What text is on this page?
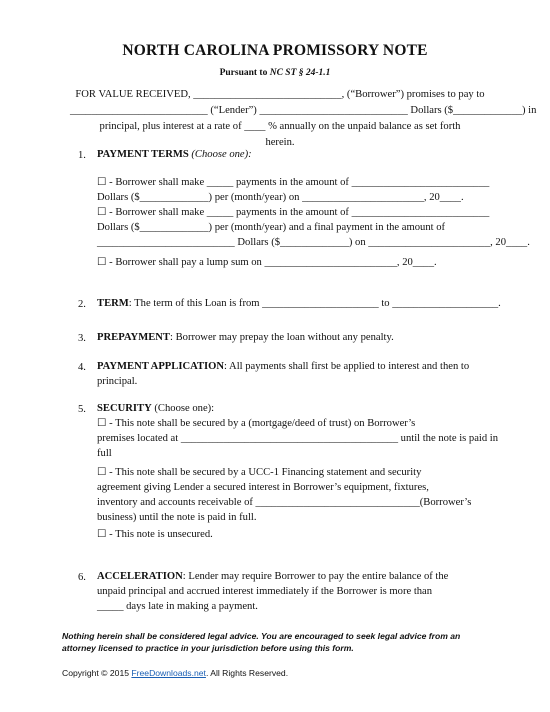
NORTH CAROLINA PROMISSORY NOTE
Pursuant to NC ST § 24-1.1
FOR VALUE RECEIVED, ____________________________, (“Borrower”) promises to pay to
__________________________ (“Lender”) ____________________________ Dollars ($_____________) in
principal, plus interest at a rate of ____ % annually on the unpaid balance as set forth
herein.
1. PAYMENT TERMS (Choose one):
☐ - Borrower shall make _____ payments in the amount of __________________________
Dollars ($_____________) per (month/year) on _______________________, 20____.
☐ - Borrower shall make _____ payments in the amount of __________________________
Dollars ($_____________) per (month/year) and a final payment in the amount of
__________________________ Dollars ($_____________) on _______________________, 20____.
☐ - Borrower shall pay a lump sum on _________________________, 20____.
2. TERM: The term of this Loan is from ______________________ to ____________________.
3. PREPAYMENT: Borrower may prepay the loan without any penalty.
4. PAYMENT APPLICATION: All payments shall first be applied to interest and then to
principal.
5. SECURITY (Choose one):
☐ - This note shall be secured by a (mortgage/deed of trust) on Borrower’s
premises located at _________________________________________ until the note is paid in
full
☐ - This note shall be secured by a UCC-1 Financing statement and security
agreement giving Lender a secured interest in Borrower’s equipment, fixtures,
inventory and accounts receivable of _______________________________(Borrower’s
business) until the note is paid in full.
☐ - This note is unsecured.
6. ACCELERATION: Lender may require Borrower to pay the entire balance of the
unpaid principal and accrued interest immediately if the Borrower is more than
_____ days late in making a payment.
Nothing herein shall be considered legal advice. You are encouraged to seek legal advice from an
attorney licensed to practice in your jurisdiction before using this form.
Copyright © 2015 FreeDownloads.net. All Rights Reserved.
